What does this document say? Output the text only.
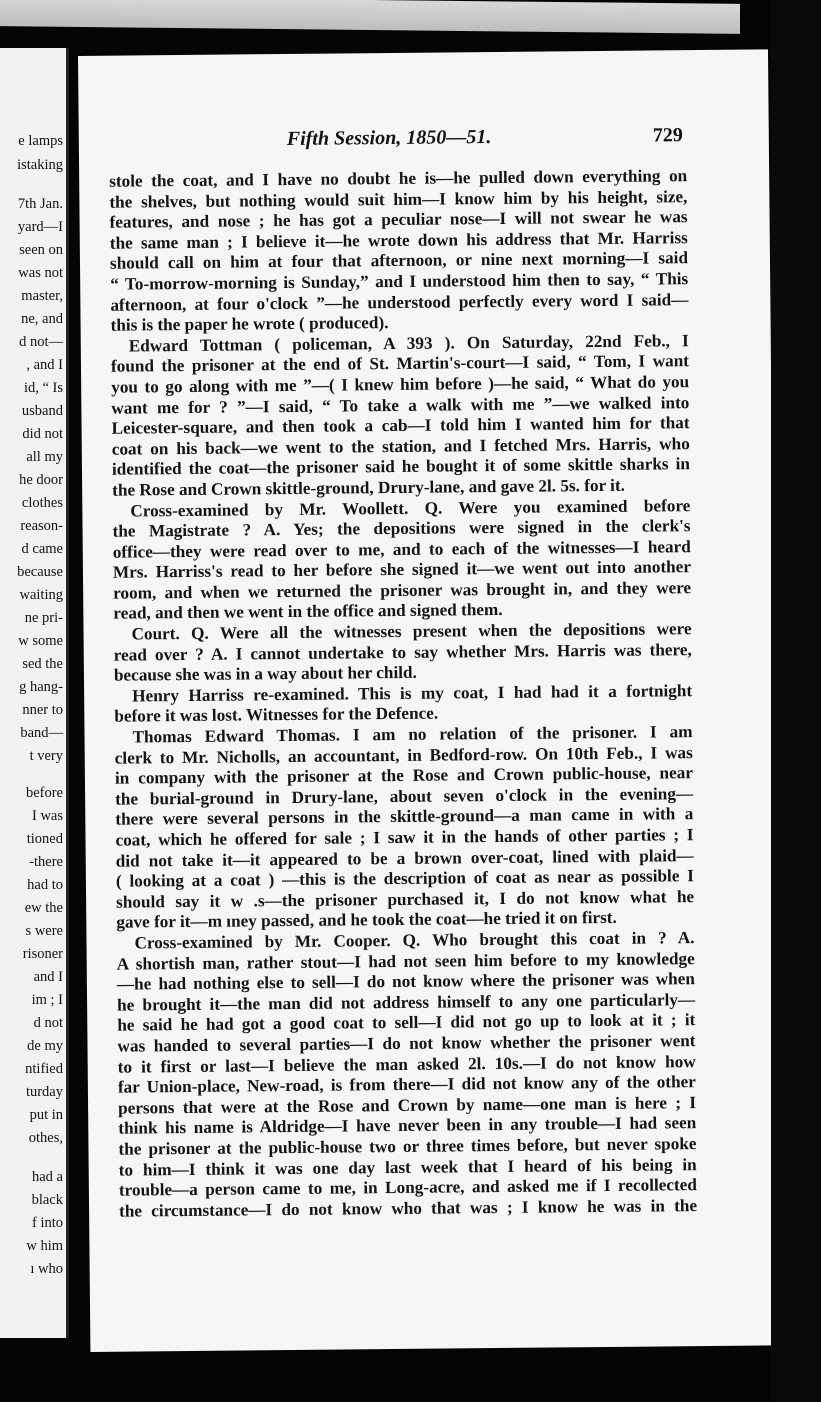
e lamps
istaking
7th Jan.
yard—I
seen on
was not
master,
ne, and
d not—
, and I
id, “ Is
usband
did not
all my
he door
clothes
reason-
d came
because
waiting
ne pri-
w some
sed the
g hang-
nner to
band—
t very
before
I was
tioned
-there
had to
ew the
s were
risoner
and I
im ; I
d not
de my
ntified
turday
put in
othes,
had a
black
f into
w him
ı who
Fifth Session, 1850—51.	729
stole the coat, and I have no doubt he is—he pulled down everything on
the shelves, but nothing would suit him—I know him by his height, size,
features, and nose ; he has got a peculiar nose—I will not swear he was
the same man ; I believe it—he wrote down his address that Mr. Harriss
should call on him at four that afternoon, or nine next morning—I said
“ To-morrow-morning is Sunday,” and I understood him then to say, “ This
afternoon, at four o'clock ”—he understood perfectly every word I said—
this is the paper he wrote ( produced).
Edward Tottman ( policeman, A 393 ). On Saturday, 22nd Feb., I
found the prisoner at the end of St. Martin's-court—I said, “ Tom, I want
you to go along with me ”—( I knew him before )—he said, “ What do you
want me for ? ”—I said, “ To take a walk with me ”—we walked into
Leicester-square, and then took a cab—I told him I wanted him for that
coat on his back—we went to the station, and I fetched Mrs. Harris, who
identified the coat—the prisoner said he bought it of some skittle sharks in
the Rose and Crown skittle-ground, Drury-lane, and gave 2l. 5s. for it.
Cross-examined by Mr. Woollett. Q. Were you examined before
the Magistrate ? A. Yes; the depositions were signed in the clerk's
office—they were read over to me, and to each of the witnesses—I heard
Mrs. Harriss's read to her before she signed it—we went out into another
room, and when we returned the prisoner was brought in, and they were
read, and then we went in the office and signed them.
Court. Q. Were all the witnesses present when the depositions were
read over ? A. I cannot undertake to say whether Mrs. Harris was there,
because she was in a way about her child.
Henry Harriss re-examined. This is my coat, I had had it a fortnight
before it was lost. Witnesses for the Defence.
Thomas Edward Thomas. I am no relation of the prisoner. I am
clerk to Mr. Nicholls, an accountant, in Bedford-row. On 10th Feb., I was
in company with the prisoner at the Rose and Crown public-house, near
the burial-ground in Drury-lane, about seven o'clock in the evening—
there were several persons in the skittle-ground—a man came in with a
coat, which he offered for sale ; I saw it in the hands of other parties ; I
did not take it—it appeared to be a brown over-coat, lined with plaid—
( looking at a coat ) —this is the description of coat as near as possible I
should say it w .s—the prisoner purchased it, I do not know what he
gave for it—m ıney passed, and he took the coat—he tried it on first.
Cross-examined by Mr. Cooper. Q. Who brought this coat in ? A.
A shortish man, rather stout—I had not seen him before to my knowledge
—he had nothing else to sell—I do not know where the prisoner was when
he brought it—the man did not address himself to any one particularly—
he said he had got a good coat to sell—I did not go up to look at it ; it
was handed to several parties—I do not know whether the prisoner went
to it first or last—I believe the man asked 2l. 10s.—I do not know how
far Union-place, New-road, is from there—I did not know any of the other
persons that were at the Rose and Crown by name—one man is here ; I
think his name is Aldridge—I have never been in any trouble—I had seen
the prisoner at the public-house two or three times before, but never spoke
to him—I think it was one day last week that I heard of his being in
trouble—a person came to me, in Long-acre, and asked me if I recollected
the circumstance—I do not know who that was ; I know he was in the
